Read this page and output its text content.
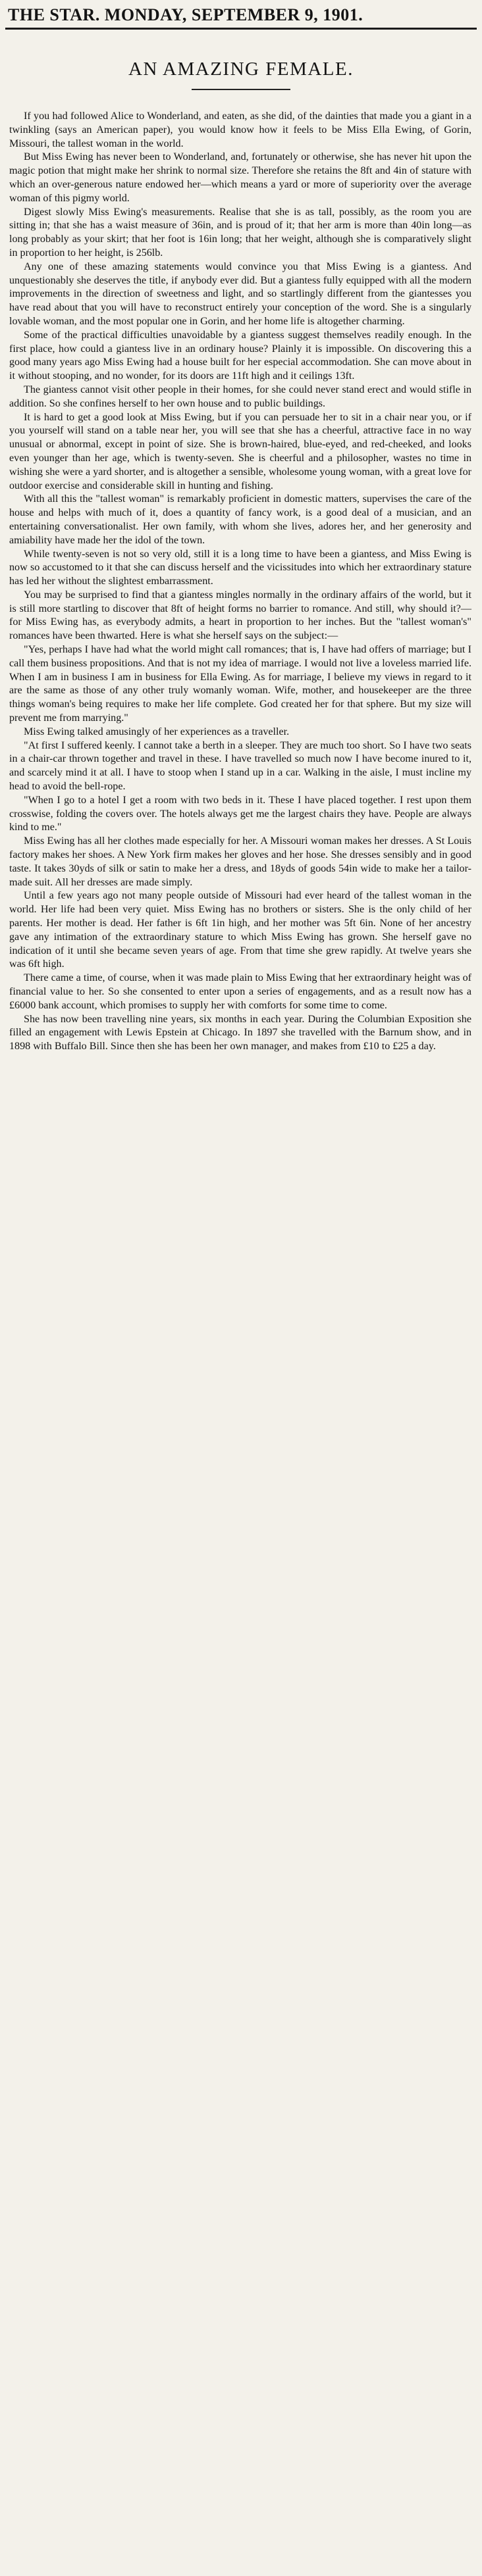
THE STAR. MONDAY, SEPTEMBER 9, 1901.
AN AMAZING FEMALE.

If you had followed Alice to Wonderland, and eaten, as she did, of the dainties that made you a giant in a twinkling (says an American paper), you would know how it feels to be Miss Ella Ewing, of Gorin, Missouri, the tallest woman in the world.

But Miss Ewing has never been to Wonderland, and, fortunately or otherwise, she has never hit upon the magic potion that might make her shrink to normal size. Therefore she retains the 8ft and 4in of stature with which an over-generous nature endowed her—which means a yard or more of superiority over the average woman of this pigmy world.

Digest slowly Miss Ewing's measurements. Realise that she is as tall, possibly, as the room you are sitting in; that she has a waist measure of 36in, and is proud of it; that her arm is more than 40in long—as long probably as your skirt; that her foot is 16in long; that her weight, although she is comparatively slight in proportion to her height, is 256lb.

Any one of these amazing statements would convince you that Miss Ewing is a giantess. And unquestionably she deserves the title, if anybody ever did. But a giantess fully equipped with all the modern improvements in the direction of sweetness and light, and so startlingly different from the giantesses you have read about that you will have to reconstruct entirely your conception of the word. She is a singularly lovable woman, and the most popular one in Gorin, and her home life is altogether charming.

Some of the practical difficulties unavoidable by a giantess suggest themselves readily enough. In the first place, how could a giantess live in an ordinary house? Plainly it is impossible. On discovering this a good many years ago Miss Ewing had a house built for her especial accommodation. She can move about in it without stooping, and no wonder, for its doors are 11ft high and it ceilings 13ft.

The giantess cannot visit other people in their homes, for she could never stand erect and would stifle in addition. So she confines herself to her own house and to public buildings.

It is hard to get a good look at Miss Ewing, but if you can persuade her to sit in a chair near you, or if you yourself will stand on a table near her, you will see that she has a cheerful, attractive face in no way unusual or abnormal, except in point of size. She is brown-haired, blue-eyed, and red-cheeked, and looks even younger than her age, which is twenty-seven. She is cheerful and a philosopher, wastes no time in wishing she were a yard shorter, and is altogether a sensible, wholesome young woman, with a great love for outdoor exercise and considerable skill in hunting and fishing.

With all this the "tallest woman" is remarkably proficient in domestic matters, supervises the care of the house and helps with much of it, does a quantity of fancy work, is a good deal of a musician, and an entertaining conversationalist. Her own family, with whom she lives, adores her, and her generosity and amiability have made her the idol of the town.

While twenty-seven is not so very old, still it is a long time to have been a giantess, and Miss Ewing is now so accustomed to it that she can discuss herself and the vicissitudes into which her extraordinary stature has led her without the slightest embarrassment.

You may be surprised to find that a giantess mingles normally in the ordinary affairs of the world, but it is still more startling to discover that 8ft of height forms no barrier to romance. And still, why should it?—for Miss Ewing has, as everybody admits, a heart in proportion to her inches. But the "tallest woman's" romances have been thwarted. Here is what she herself says on the subject:—

"Yes, perhaps I have had what the world might call romances; that is, I have had offers of marriage; but I call them business propositions. And that is not my idea of marriage. I would not live a loveless married life. When I am in business I am in business for Ella Ewing. As for marriage, I believe my views in regard to it are the same as those of any other truly womanly woman. Wife, mother, and housekeeper are the three things woman's being requires to make her life complete. God created her for that sphere. But my size will prevent me from marrying."

Miss Ewing talked amusingly of her experiences as a traveller.

"At first I suffered keenly. I cannot take a berth in a sleeper. They are much too short. So I have two seats in a chair-car thrown together and travel in these. I have travelled so much now I have become inured to it, and scarcely mind it at all. I have to stoop when I stand up in a car. Walking in the aisle, I must incline my head to avoid the bell-rope.

"When I go to a hotel I get a room with two beds in it. These I have placed together. I rest upon them crosswise, folding the covers over. The hotels always get me the largest chairs they have. People are always kind to me."

Miss Ewing has all her clothes made especially for her. A Missouri woman makes her dresses. A St Louis factory makes her shoes. A New York firm makes her gloves and her hose. She dresses sensibly and in good taste. It takes 30yds of silk or satin to make her a dress, and 18yds of goods 54in wide to make her a tailor-made suit. All her dresses are made simply.

Until a few years ago not many people outside of Missouri had ever heard of the tallest woman in the world. Her life had been very quiet. Miss Ewing has no brothers or sisters. She is the only child of her parents. Her mother is dead. Her father is 6ft 1in high, and her mother was 5ft 6in. None of her ancestry gave any intimation of the extraordinary stature to which Miss Ewing has grown. She herself gave no indication of it until she became seven years of age. From that time she grew rapidly. At twelve years she was 6ft high.

There came a time, of course, when it was made plain to Miss Ewing that her extraordinary height was of financial value to her. So she consented to enter upon a series of engagements, and as a result now has a £6000 bank account, which promises to supply her with comforts for some time to come.

She has now been travelling nine years, six months in each year. During the Columbian Exposition she filled an engagement with Lewis Epstein at Chicago. In 1897 she travelled with the Barnum show, and in 1898 with Buffalo Bill. Since then she has been her own manager, and makes from £10 to £25 a day.
